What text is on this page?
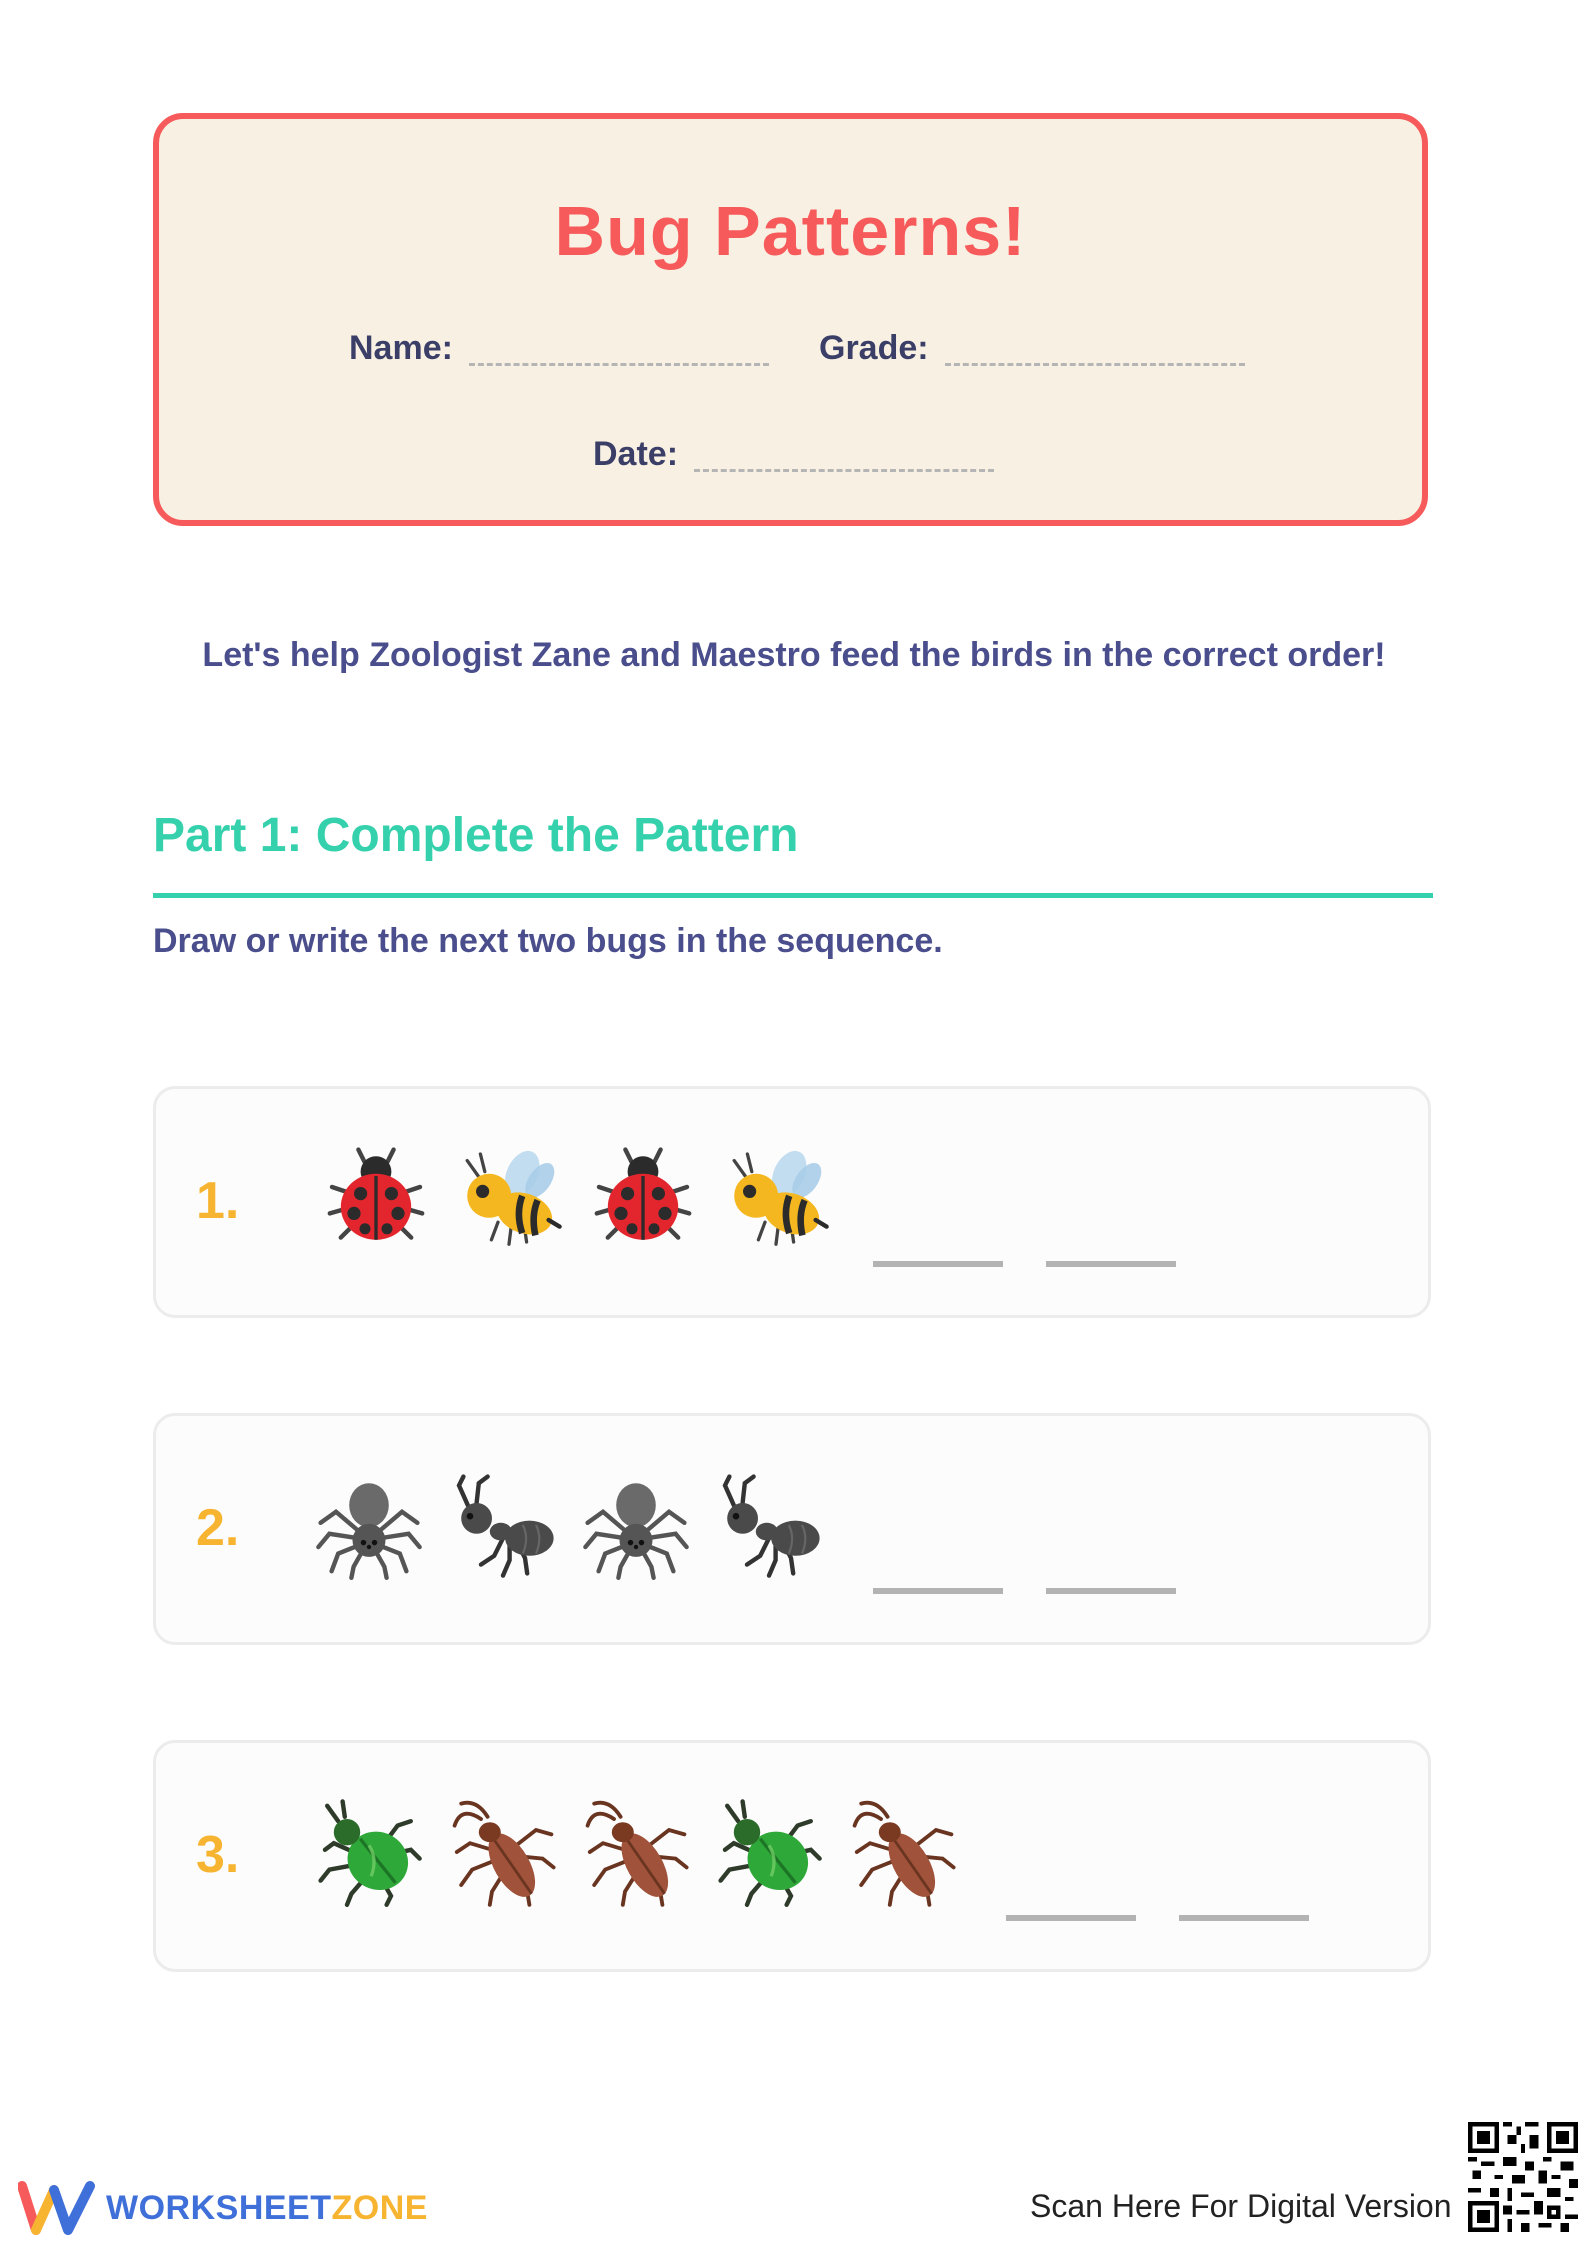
Bug Patterns!
Name:	Grade:
Date:
Let's help Zoologist Zane and Maestro feed the birds in the correct order!
Part 1: Complete the Pattern
Draw or write the next two bugs in the sequence.
1.
2.
3.
WORKSHEETZONE	Scan Here For Digital Version
